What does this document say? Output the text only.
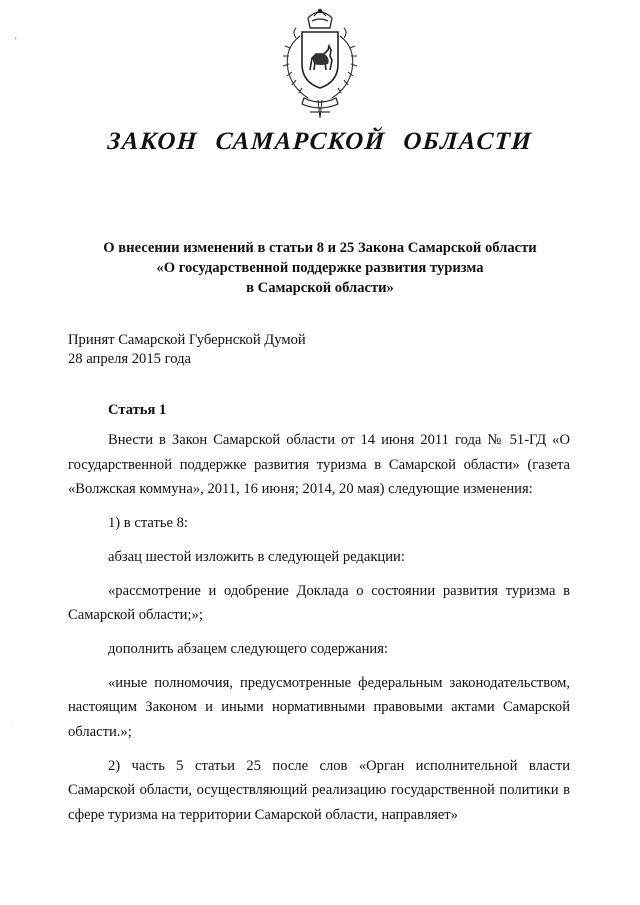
ʻ
·
ЗАКОН САМАРСКОЙ ОБЛАСТИ
О внесении изменений в статьи 8 и 25 Закона Самарской области
«О государственной поддержке развития туризма
в Самарской области»
Принят Самарской Губернской Думой
28 апреля 2015 года
Статья 1

Внести в Закон Самарской области от 14 июня 2011 года № 51-ГД «О государственной поддержке развития туризма в Самарской области» (газета «Волжская коммуна», 2011, 16 июня; 2014, 20 мая) следующие изменения:

1) в статье 8:

абзац шестой изложить в следующей редакции:

«рассмотрение и одобрение Доклада о состоянии развития туризма в Самарской области;»;

дополнить абзацем следующего содержания:

«иные полномочия, предусмотренные федеральным законодательством, настоящим Законом и иными нормативными правовыми актами Самарской области.»;

2) часть 5 статьи 25 после слов «Орган исполнительной власти Самарской области, осуществляющий реализацию государственной политики в сфере туризма на территории Самарской области, направляет»
